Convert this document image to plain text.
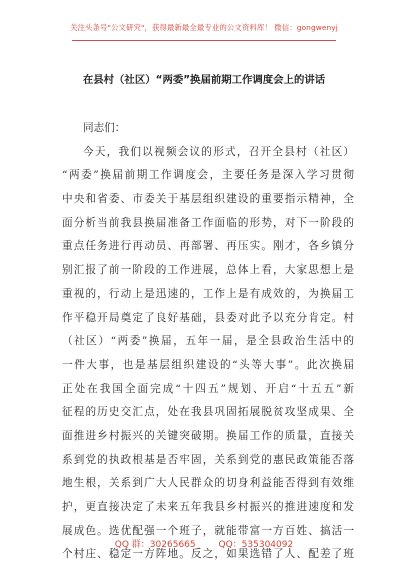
关注头条号"公文研究"，获得最新最全最专业的公文资料库！ 微信：gongwenyj
在县村（社区）“两委”换届前期工作调度会上的讲话
同志们：
今天，我们以视频会议的形式，召开全县村（社区）
“两委”换届前期工作调度会，主要任务是深入学习贯彻
中央和省委、市委关于基层组织建设的重要指示精神，全
面分析当前我县换届准备工作面临的形势，对下一阶段的
重点任务进行再动员、再部署、再压实。刚才，各乡镇分
别汇报了前一阶段的工作进展，总体上看，大家思想上是
重视的，行动上是迅速的，工作上是有成效的，为换届工
作平稳开局奠定了良好基础，县委对此予以充分肯定。村
（社区）“两委”换届，五年一届，是全县政治生活中的
一件大事，也是基层组织建设的“头等大事”。此次换届
正处在我国全面完成“十四五”规划、开启“十五五”新
征程的历史交汇点，处在我县巩固拓展脱贫攻坚成果、全
面推进乡村振兴的关键突破期。换届工作的质量，直接关
系到党的执政根基是否牢固，关系到党的惠民政策能否落
地生根，关系到广大人民群众的切身利益能否得到有效维
护，更直接决定了未来五年我县乡村振兴的推进速度和发
展成色。选优配强一个班子，就能带富一方百姓、搞活一
个村庄、稳定一方阵地。反之，如果选错了人、配差了班
QQ 群：30265665	QQ：535304092
